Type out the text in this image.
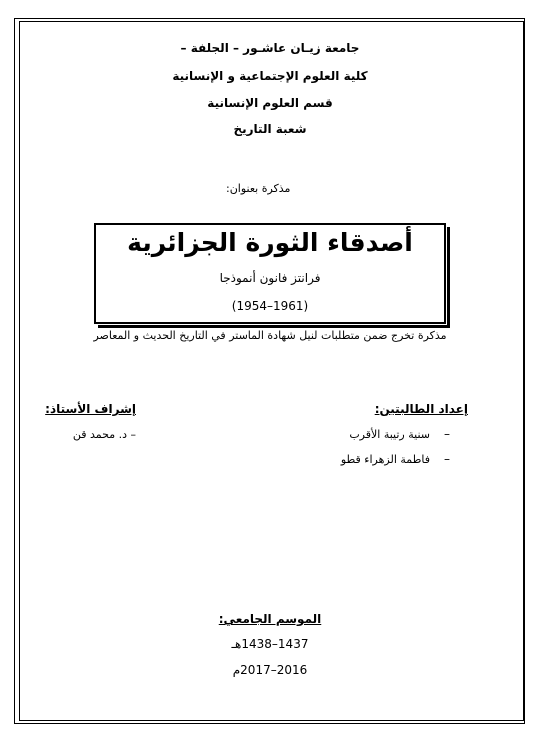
جامعة زيـان عاشـور – الجلفة –
كلية العلوم الإجتماعية و الإنسانية
قسم العلوم الإنسانية
شعبة التاريخ
مذكرة بعنوان:
أصدقاء الثورة الجزائرية
فرانتز فانون أنموذجا
(1954–1961)
مذكرة تخرج ضمن متطلبات لنيل شهادة الماستر في التاريخ الحديث و المعاصر
إعداد الطالبتين:
–
سنية رتيبة الأقرب
–
فاطمة الزهراء قطو
إشراف الأستاذ:
– د. محمد قن
الموسم الجامعي:
1437–1438هـ
2016–2017م
